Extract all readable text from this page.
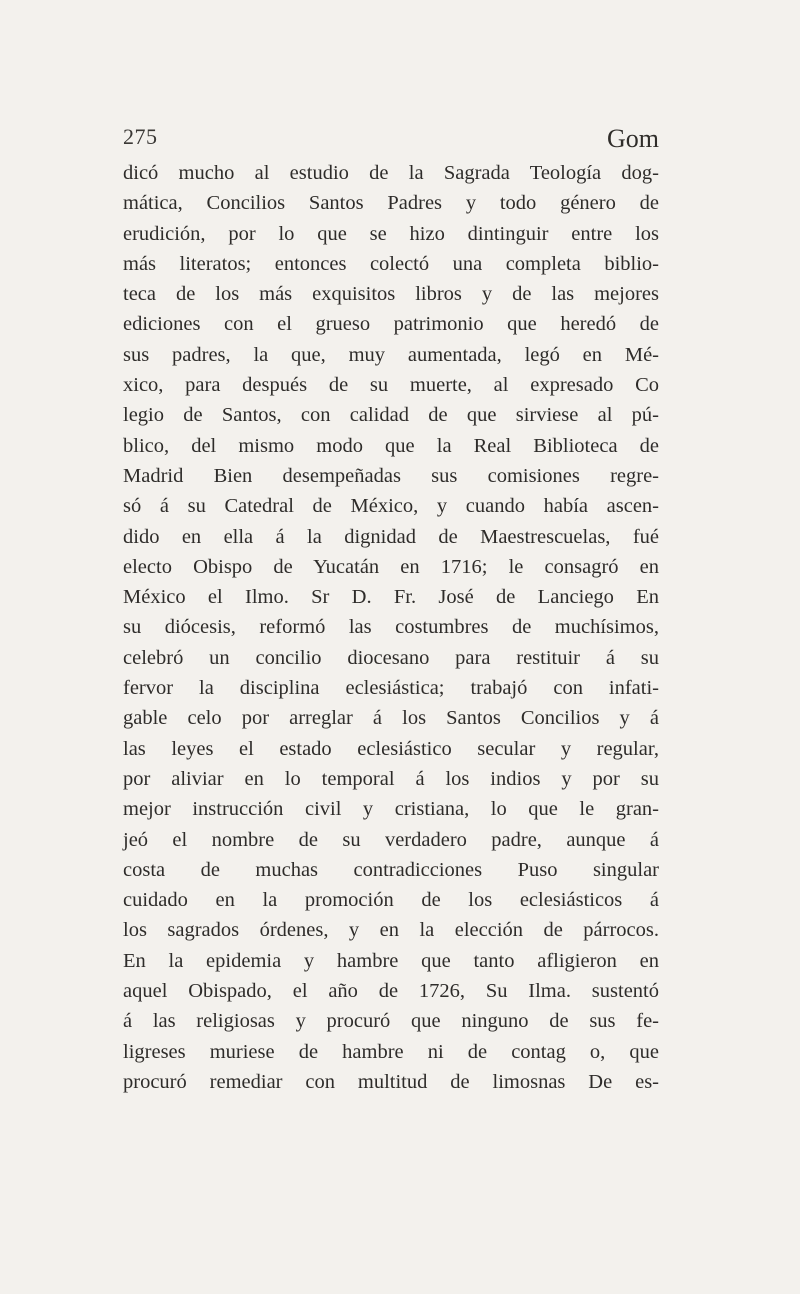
275	Gom
dicó mucho al estudio de la Sagrada Teología dog-
mática, Concilios Santos Padres y todo género de
erudición, por lo que se hizo dintinguir entre los
más literatos; entonces colectó una completa biblio-
teca de los más exquisitos libros y de las mejores
ediciones con el grueso patrimonio que heredó de
sus padres, la que, muy aumentada, legó en Mé-
xico, para después de su muerte, al expresado Co
legio de Santos, con calidad de que sirviese al pú-
blico, del mismo modo que la Real Biblioteca de
Madrid Bien desempeñadas sus comisiones regre-
só á su Catedral de México, y cuando había ascen-
dido en ella á la dignidad de Maestrescuelas, fué
electo Obispo de Yucatán en 1716; le consagró en
México el Ilmo. Sr D. Fr. José de Lanciego En
su diócesis, reformó las costumbres de muchísimos,
celebró un concilio diocesano para restituir á su
fervor la disciplina eclesiástica; trabajó con infati-
gable celo por arreglar á los Santos Concilios y á
las leyes el estado eclesiástico secular y regular,
por aliviar en lo temporal á los indios y por su
mejor instrucción civil y cristiana, lo que le gran-
jeó el nombre de su verdadero padre, aunque á
costa de muchas contradicciones Puso singular
cuidado en la promoción de los eclesiásticos á
los sagrados órdenes, y en la elección de párrocos.
En la epidemia y hambre que tanto afligieron en
aquel Obispado, el año de 1726, Su Ilma. sustentó
á las religiosas y procuró que ninguno de sus fe-
ligreses muriese de hambre ni de contag o, que
procuró remediar con multitud de limosnas De es-
